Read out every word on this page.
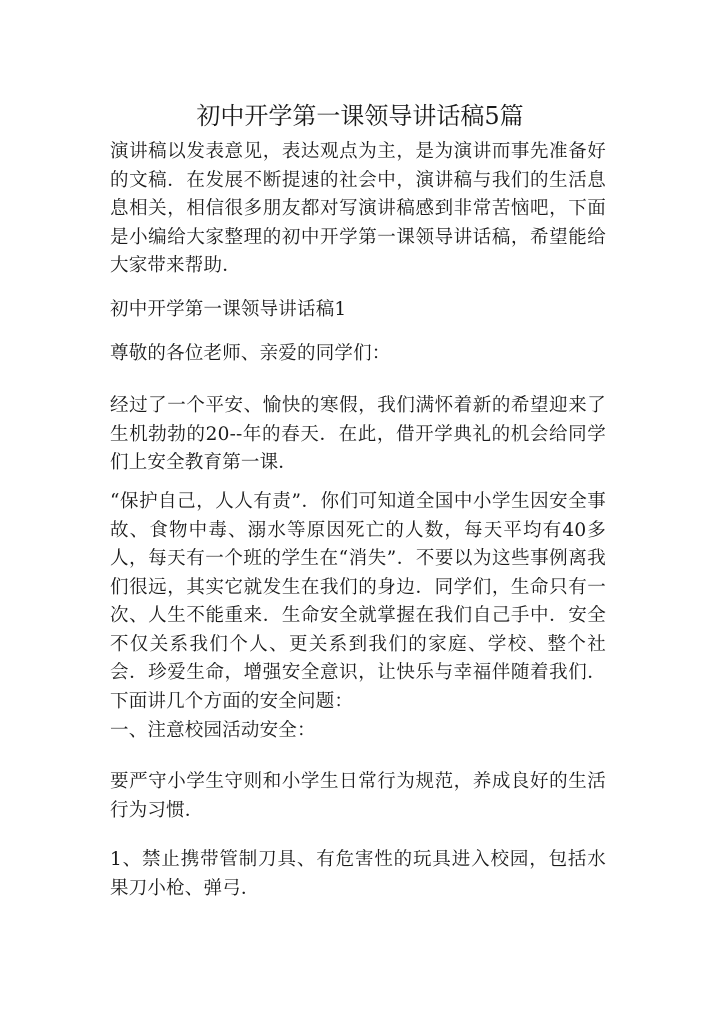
初中开学第一课领导讲话稿5篇

演讲稿以发表意见，表达观点为主，是为演讲而事先准备好的文稿．在发展不断提速的社会中，演讲稿与我们的生活息息相关，相信很多朋友都对写演讲稿感到非常苦恼吧，下面是小编给大家整理的初中开学第一课领导讲话稿，希望能给大家带来帮助．

初中开学第一课领导讲话稿1

尊敬的各位老师、亲爱的同学们：

经过了一个平安、愉快的寒假，我们满怀着新的希望迎来了生机勃勃的20--年的春天．在此，借开学典礼的机会给同学们上安全教育第一课．

“保护自己，人人有责”．你们可知道全国中小学生因安全事故、食物中毒、溺水等原因死亡的人数，每天平均有40多人，每天有一个班的学生在“消失”．不要以为这些事例离我们很远，其实它就发生在我们的身边．同学们，生命只有一次、人生不能重来．生命安全就掌握在我们自己手中．安全不仅关系我们个人、更关系到我们的家庭、学校、整个社会．珍爱生命，增强安全意识，让快乐与幸福伴随着我们．下面讲几个方面的安全问题：

一、注意校园活动安全：

要严守小学生守则和小学生日常行为规范，养成良好的生活行为习惯．

1、禁止携带管制刀具、有危害性的玩具进入校园，包括水果刀小枪、弹弓．
